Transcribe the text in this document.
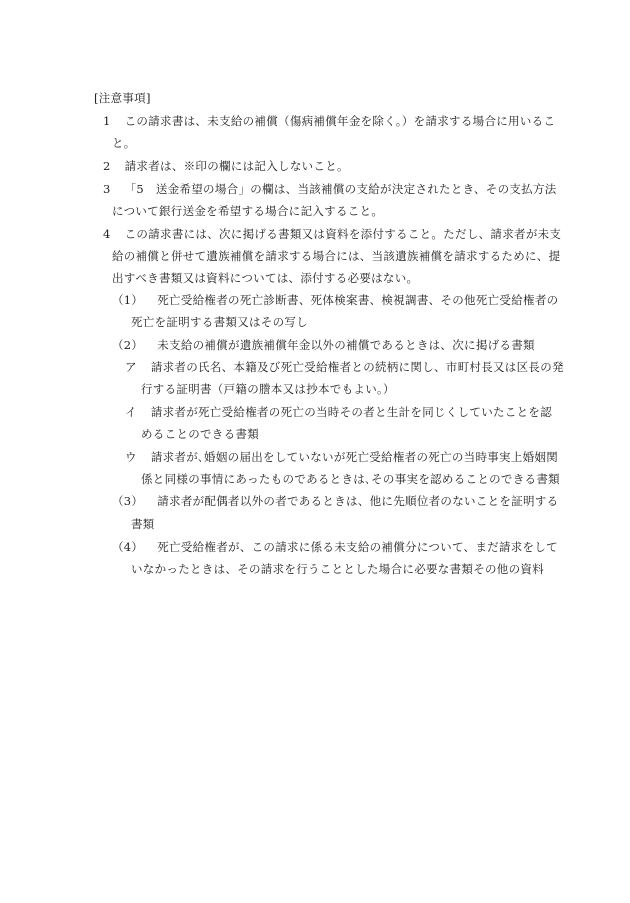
[注意事項]
1 この請求書は、未支給の補償（傷病補償年金を除く。）を請求する場合に用いるこ
と。
2 請求者は、※印の欄には記入しないこと。
3 「5　送金希望の場合」の欄は、当該補償の支給が決定されたとき、その支払方法
について銀行送金を希望する場合に記入すること。
4 この請求書には、次に掲げる書類又は資料を添付すること。ただし、請求者が未支
給の補償と併せて遺族補償を請求する場合には、当該遺族補償を請求するために、提
出すべき書類又は資料については、添付する必要はない。
（1） 死亡受給権者の死亡診断書、死体検案書、検視調書、その他死亡受給権者の
死亡を証明する書類又はその写し
（2） 未支給の補償が遺族補償年金以外の補償であるときは、次に掲げる書類
ア 請求者の氏名、本籍及び死亡受給権者との続柄に関し、市町村長又は区長の発
行する証明書（戸籍の謄本又は抄本でもよい。）
イ 請求者が死亡受給権者の死亡の当時その者と生計を同じくしていたことを認
めることのできる書類
ウ 請求者が､婚姻の届出をしていないが死亡受給権者の死亡の当時事実上婚姻関
係と同様の事情にあったものであるときは､その事実を認めることのできる書類
（3） 請求者が配偶者以外の者であるときは、他に先順位者のないことを証明する
書類
（4） 死亡受給権者が、この請求に係る未支給の補償分について、まだ請求をして
いなかったときは、その請求を行うこととした場合に必要な書類その他の資料
